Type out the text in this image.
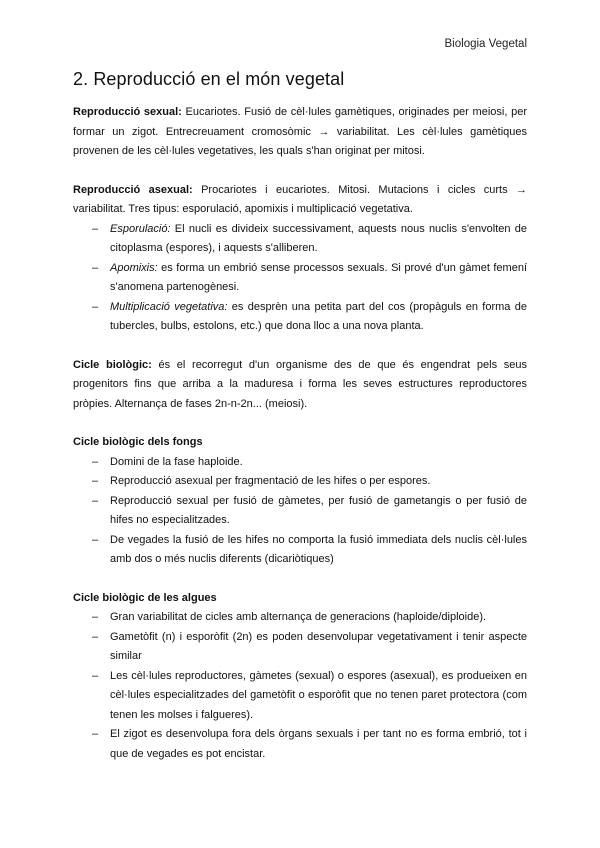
Biologia Vegetal
2. Reproducció en el món vegetal

Reproducció sexual: Eucariotes. Fusió de cèl·lules gamètiques, originades per meiosi, per formar un zigot. Entrecreuament cromosòmic → variabilitat. Les cèl·lules gamètiques provenen de les cèl·lules vegetatives, les quals s'han originat per mitosi.

Reproducció asexual: Procariotes i eucariotes. Mitosi. Mutacions i cicles curts → variabilitat. Tres tipus: esporulació, apomixis i multiplicació vegetativa.

– Esporulació: El nucli es divideix successivament, aquests nous nuclis s'envolten de citoplasma (espores), i aquests s'alliberen.
– Apomixis: es forma un embrió sense processos sexuals. Si prové d'un gàmet femení s'anomena partenogènesi.
– Multiplicació vegetativa: es desprèn una petita part del cos (propàguls en forma de tubercles, bulbs, estolons, etc.) que dona lloc a una nova planta.

Cicle biològic: és el recorregut d'un organisme des de que és engendrat pels seus progenitors fins que arriba a la maduresa i forma les seves estructures reproductores pròpies. Alternança de fases 2n-n-2n... (meiosi).

Cicle biològic dels fongs
– Domini de la fase haploide.
– Reproducció asexual per fragmentació de les hifes o per espores.
– Reproducció sexual per fusió de gàmetes, per fusió de gametangis o per fusió de hifes no especialitzades.
– De vegades la fusió de les hifes no comporta la fusió immediata dels nuclis cèl·lules amb dos o més nuclis diferents (dicariòtiques)
Cicle biològic de les algues
– Gran variabilitat de cicles amb alternança de generacions (haploide/diploide).
– Gametòfit (n) i esporòfit (2n) es poden desenvolupar vegetativament i tenir aspecte similar
– Les cèl·lules reproductores, gàmetes (sexual) o espores (asexual), es produeixen en cèl·lules especialitzades del gametòfit o esporòfit que no tenen paret protectora (com tenen les molses i falgueres).
– El zigot es desenvolupa fora dels òrgans sexuals i per tant no es forma embrió, tot i que de vegades es pot encistar.
